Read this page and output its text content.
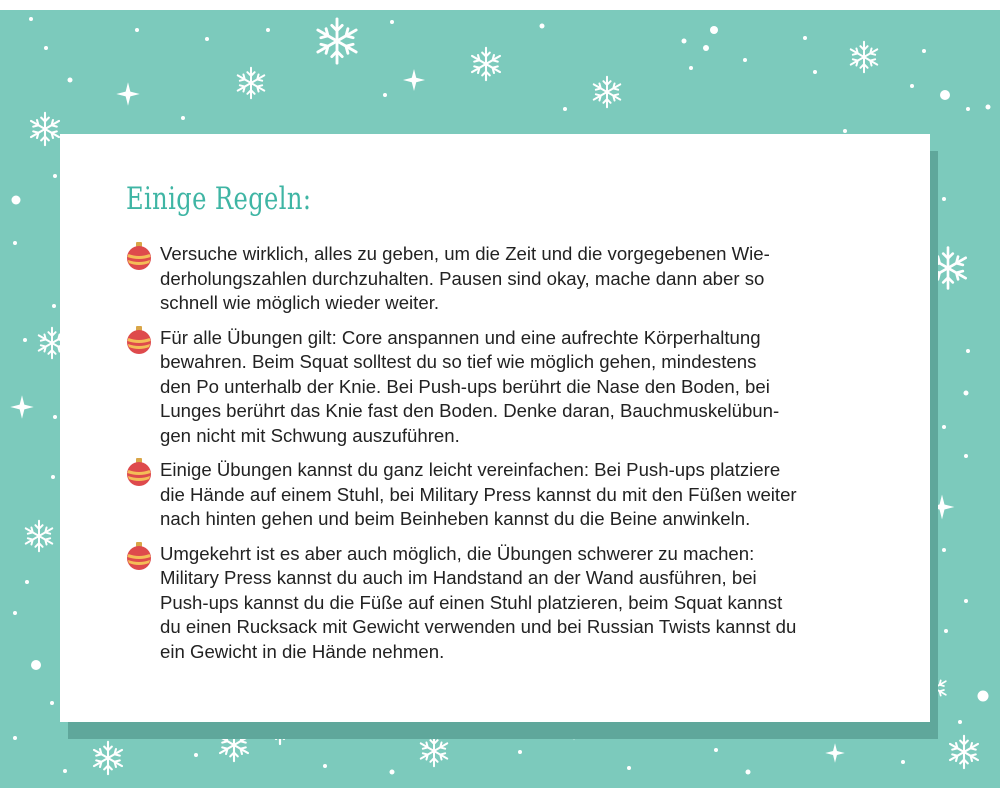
Einige Regeln:
Versuche wirklich, alles zu geben, um die Zeit und die vorgegebenen Wie-
derholungszahlen durchzuhalten. Pausen sind okay, mache dann aber so
schnell wie möglich wieder weiter.
Für alle Übungen gilt: Core anspannen und eine aufrechte Körperhaltung
bewahren. Beim Squat solltest du so tief wie möglich gehen, mindestens
den Po unterhalb der Knie. Bei Push-ups berührt die Nase den Boden, bei
Lunges berührt das Knie fast den Boden. Denke daran, Bauchmuskelübun-
gen nicht mit Schwung auszuführen.
Einige Übungen kannst du ganz leicht vereinfachen: Bei Push-ups platziere
die Hände auf einem Stuhl, bei Military Press kannst du mit den Füßen weiter
nach hinten gehen und beim Beinheben kannst du die Beine anwinkeln.
Umgekehrt ist es aber auch möglich, die Übungen schwerer zu machen:
Military Press kannst du auch im Handstand an der Wand ausführen, bei
Push-ups kannst du die Füße auf einen Stuhl platzieren, beim Squat kannst
du einen Rucksack mit Gewicht verwenden und bei Russian Twists kannst du
ein Gewicht in die Hände nehmen.
